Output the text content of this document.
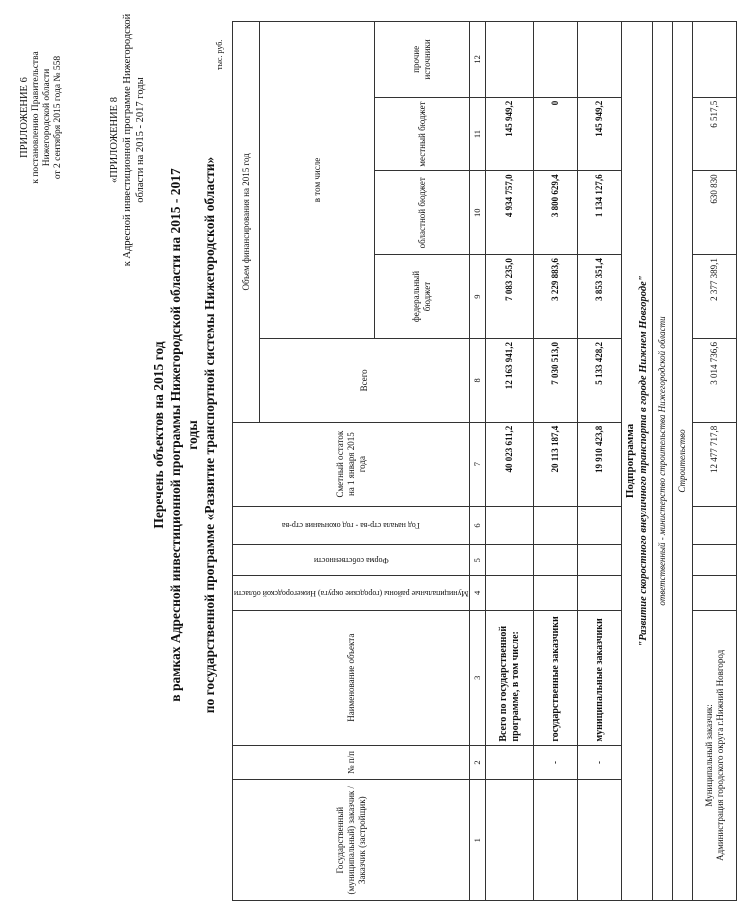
ПРИЛОЖЕНИЕ 6 к постановлению Правительства Нижегородской области от 2 сентября 2015 года № 558	«ПРИЛОЖЕНИЕ 8 к Адресной инвестиционной программе Нижегородской области на 2015 - 2017 годы
Перечень объектов на 2015 год в рамках Адресной инвестиционной программы Нижегородской области на 2015 - 2017 годы по государственной программе «Развитие транспортной системы Нижегородской области»
тыс. руб.
Государственный (муниципальный) заказчик / Заказчик (застройщик)	№ п/п	Наименование объекта	Муниципальные районы (городские округа) Нижегородской области	Форма собственности	Год начала стр-ва - год окончания стр-ва	Сметный остаток на 1 января 2015 года	Объем финансирования на 2015 год				
							Всего	в том числе			
								федеральный бюджет	областной бюджет	местный бюджет	прочие источники
1	2	3	4	5	6	7	8	9	10	11	12
		Всего по государственной программе, в том числе:				40 023 611,2	12 163 941,2	7 083 235,0	4 934 757,0	145 949,2	
	-	государственные заказчики				20 113 187,4	7 030 513,0	3 229 883,6	3 800 629,4	0	
	-	муниципальные заказчики				19 910 423,8	5 133 428,2	3 853 351,4	1 134 127,6	145 949,2	

Подпрограмма "Развитие скоростного внеуличного транспорта в городе Нижнем Новгороде"											

ответственный - министерство строительства Нижегородской области											
Строительство											

Муниципальный заказчик: Администрация городского округа г.Нижний Новгород						12 477 717,8	3 014 736,6	2 377 389,1	630 830	6 517,5	
